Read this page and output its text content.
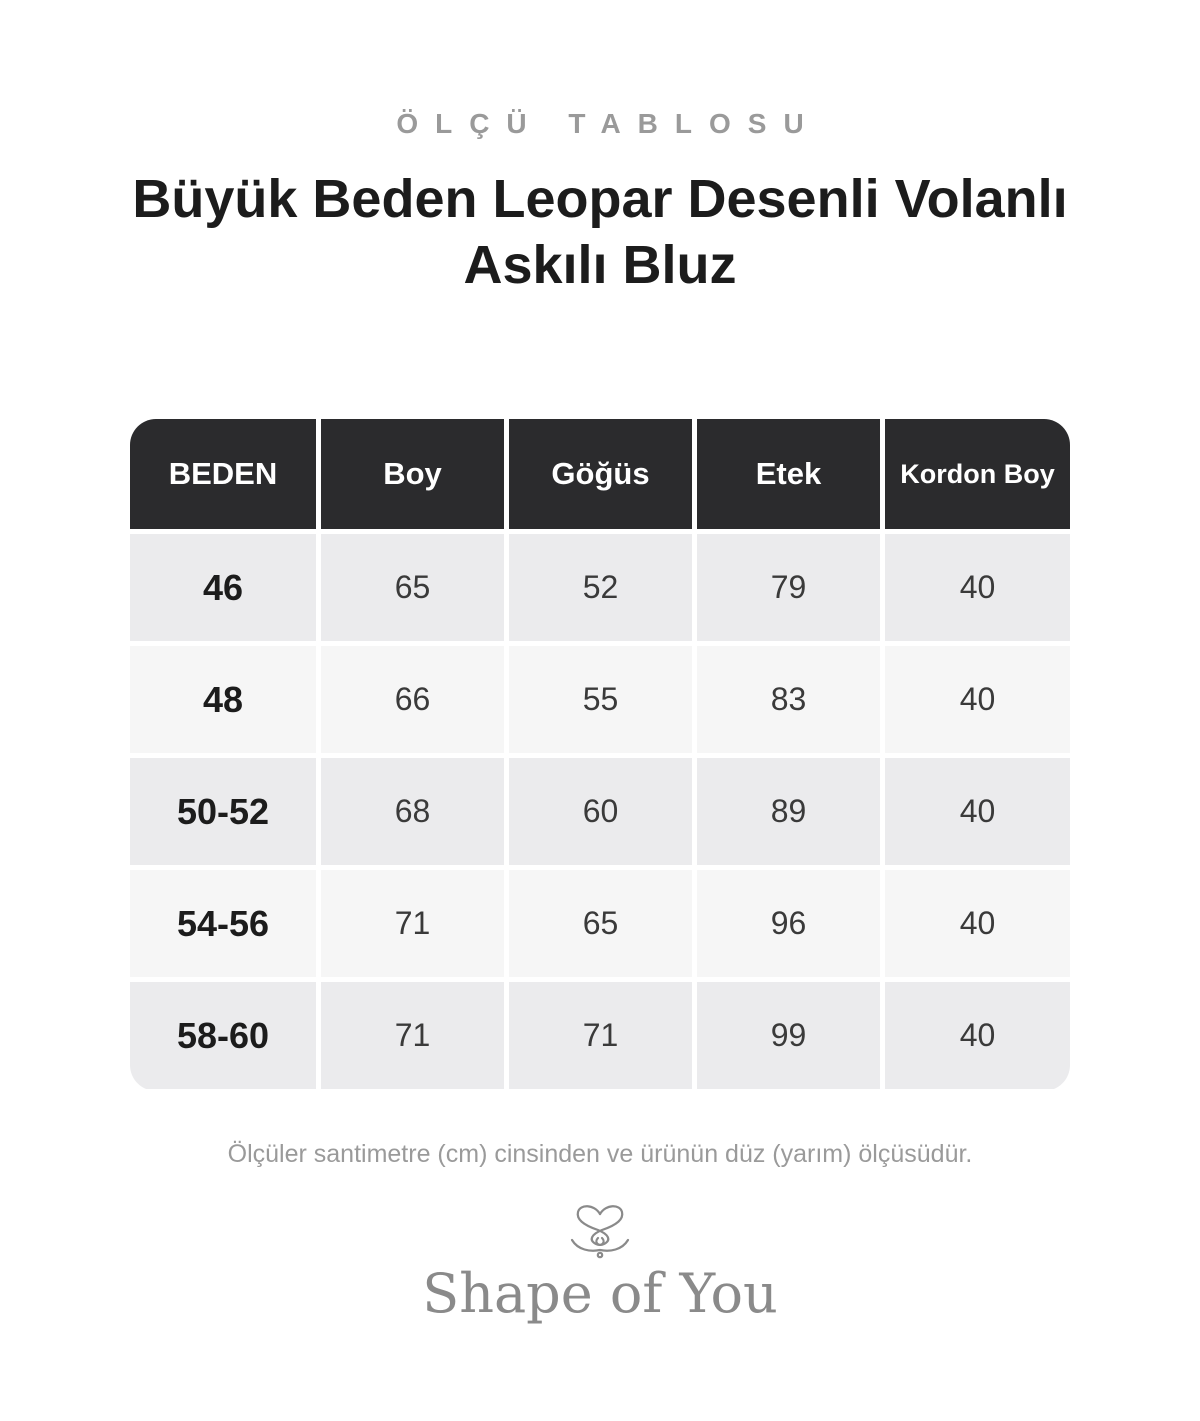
ÖLÇÜ TABLOSU
Büyük Beden Leopar Desenli Volanlı
Askılı Bluz
BEDEN	Boy	Göğüs	Etek	Kordon Boy
46	65	52	79	40
48	66	55	83	40
50-52	68	60	89	40
54-56	71	65	96	40
58-60	71	71	99	40
Ölçüler santimetre (cm) cinsinden ve ürünün düz (yarım) ölçüsüdür.
Shape of You
